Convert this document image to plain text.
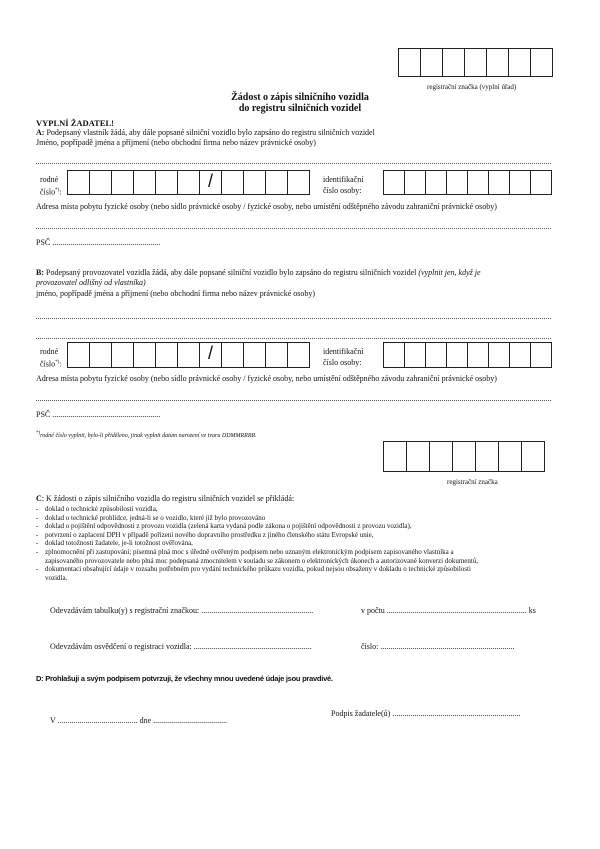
registrační značka (vyplní úřad)
Žádost o zápis silničního vozidla
do registru silničních vozidel
VYPLNÍ ŽADATEL!
A: Podepsaný vlastník žádá, aby dále popsané silniční vozidlo bylo zapsáno do registru silničních vozidel
Jméno, popřípadě jména a příjmení (nebo obchodní firma nebo název právnické osoby)
rodné
číslo*):
/	identifikační
číslo osoby:
Adresa místa pobytu fyzické osoby (nebo sídlo právnické osoby / fyzické osoby, nebo umístění odštěpného závodu zahraniční právnické osoby)
PSČ ......................................................
B: Podepsaný provozovatel vozidla žádá, aby dále popsané silniční vozidlo bylo zapsáno do registru silničních vozidel (vyplnit jen, když je
provozovatel odlišný od vlastníka)
jméno, popřípadě jména a příjmení (nebo obchodní firma nebo název právnické osoby)
rodné
číslo*):
/	identifikační
číslo osoby:
Adresa místa pobytu fyzické osoby (nebo sídlo právnické osoby / fyzické osoby, nebo umístění odštěpného závodu zahraniční právnické osoby)
PSČ ......................................................
*)rodné číslo vyplnit, bylo-li přiděleno, jinak vyplnit datum narození ve tvaru DDMMRRRR.
registrační značka
C: K žádosti o zápis silničního vozidla do registru silničních vozidel se přikládá:
- doklad o technické způsobilosti vozidla,
- doklad o technické prohlídce, jedná-li se o vozidlo, které již bylo provozováno
- doklad o pojištění odpovědnosti z provozu vozidla (zelená karta vydaná podle zákona o pojištění odpovědnosti z provozu vozidla),
- potvrzení o zaplacení DPH v případě pořízení nového dopravního prostředku z jiného členského státu Evropské unie,
- doklad totožnosti žadatele, je-li totožnost ověřována,
- zplnomocnění při zastupování; písemná plná moc s úředně ověřeným podpisem nebo uznaným elektronickým podpisem zapisovaného vlastníka a
zapisovaného provozovatele nebo plná moc podepsaná zmocnitelem v souladu se zákonem o elektronických úkonech a autorizované konverzi dokumentů,
- dokumentaci obsahující údaje v rozsahu potřebném pro vydání technického průkazu vozidla, pokud nejsou obsaženy v dokladu o technické způsobilosti
vozidla.
Odevzdávám tabulku(y) s registrační značkou: ........................................................	v počtu ...................................................................... ks
Odevzdávám osvědčení o registraci vozidla: ...........................................................	číslo: ...................................................................
D: Prohlašuji a svým podpisem potvrzuji, že všechny mnou uvedené údaje jsou pravdivé.
Podpis žadatele(ů) ................................................................
V ........................................ dne .....................................
